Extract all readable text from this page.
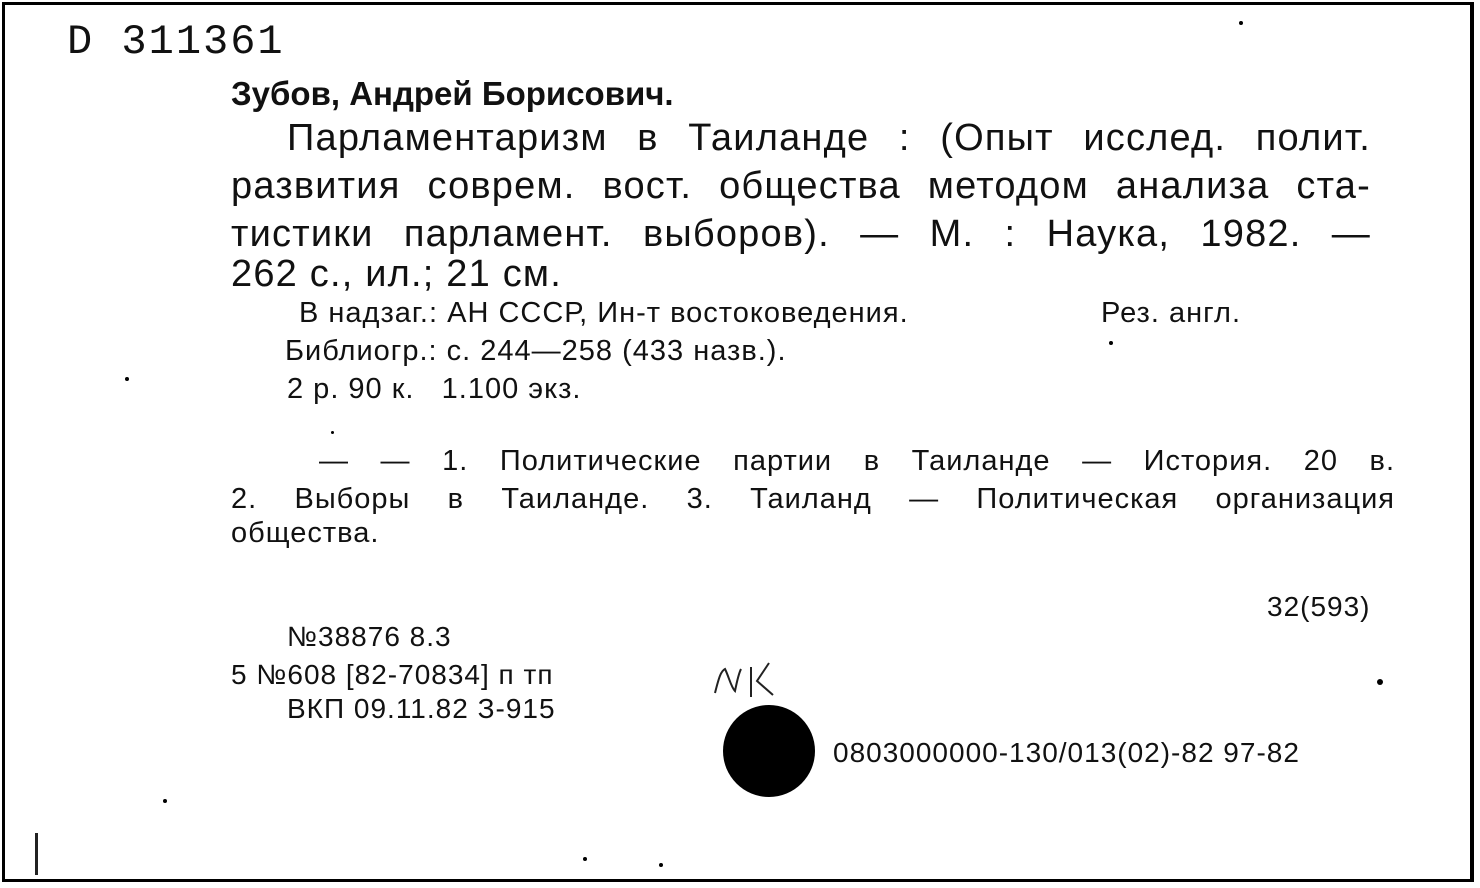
D 311361
Зубов, Андрей Борисович.
Парламентаризм в Таиланде : (Опыт исслед. полит.
развития соврем. вост. общества методом анализа ста-
тистики парламент. выборов). — М. : Наука, 1982. —
262 с., ил.; 21 см.
В надзаг.: АН СССР, Ин-т востоковедения.	Рез. англ.
Библиогр.: с. 244—258 (433 назв.).
2 р. 90 к.   1.100 экз.
— — 1. Политические партии в Таиланде — История. 20 в.
2. Выборы в Таиланде. 3. Таиланд — Политическая организация
общества.
32(593)
№38876 8.3
5 №608 [82-70834] п тп
ВКП 09.11.82 З-915
0803000000-130/013(02)-82 97-82
